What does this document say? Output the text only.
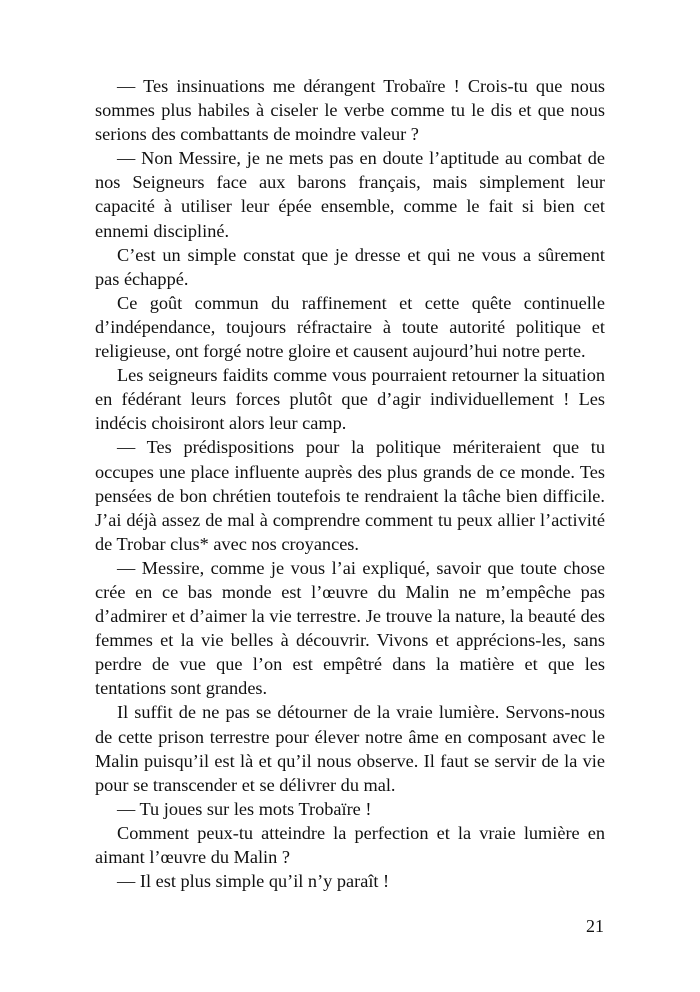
— Tes insinuations me dérangent Trobaïre ! Crois-tu que nous sommes plus habiles à ciseler le verbe comme tu le dis et que nous serions des combattants de moindre valeur ?

— Non Messire, je ne mets pas en doute l’aptitude au combat de nos Seigneurs face aux barons français, mais simplement leur capacité à utiliser leur épée ensemble, comme le fait si bien cet ennemi discipliné.

C’est un simple constat que je dresse et qui ne vous a sûrement pas échappé.

Ce goût commun du raffinement et cette quête continuelle d’indépendance, toujours réfractaire à toute autorité politique et religieuse, ont forgé notre gloire et causent aujourd’hui notre perte.

Les seigneurs faidits comme vous pourraient retourner la situation en fédérant leurs forces plutôt que d’agir individuellement ! Les indécis choisiront alors leur camp.

— Tes prédispositions pour la politique mériteraient que tu occupes une place influente auprès des plus grands de ce monde. Tes pensées de bon chrétien toutefois te rendraient la tâche bien difficile. J’ai déjà assez de mal à comprendre comment tu peux allier l’activité de Trobar clus* avec nos croyances.

— Messire, comme je vous l’ai expliqué, savoir que toute chose crée en ce bas monde est l’œuvre du Malin ne m’empêche pas d’admirer et d’aimer la vie terrestre. Je trouve la nature, la beauté des femmes et la vie belles à découvrir. Vivons et apprécions-les, sans perdre de vue que l’on est empêtré dans la matière et que les tentations sont grandes.

Il suffit de ne pas se détourner de la vraie lumière. Servons-nous de cette prison terrestre pour élever notre âme en composant avec le Malin puisqu’il est là et qu’il nous observe. Il faut se servir de la vie pour se transcender et se délivrer du mal.

— Tu joues sur les mots Trobaïre !

Comment peux-tu atteindre la perfection et la vraie lumière en aimant l’œuvre du Malin ?

— Il est plus simple qu’il n’y paraît !

21
